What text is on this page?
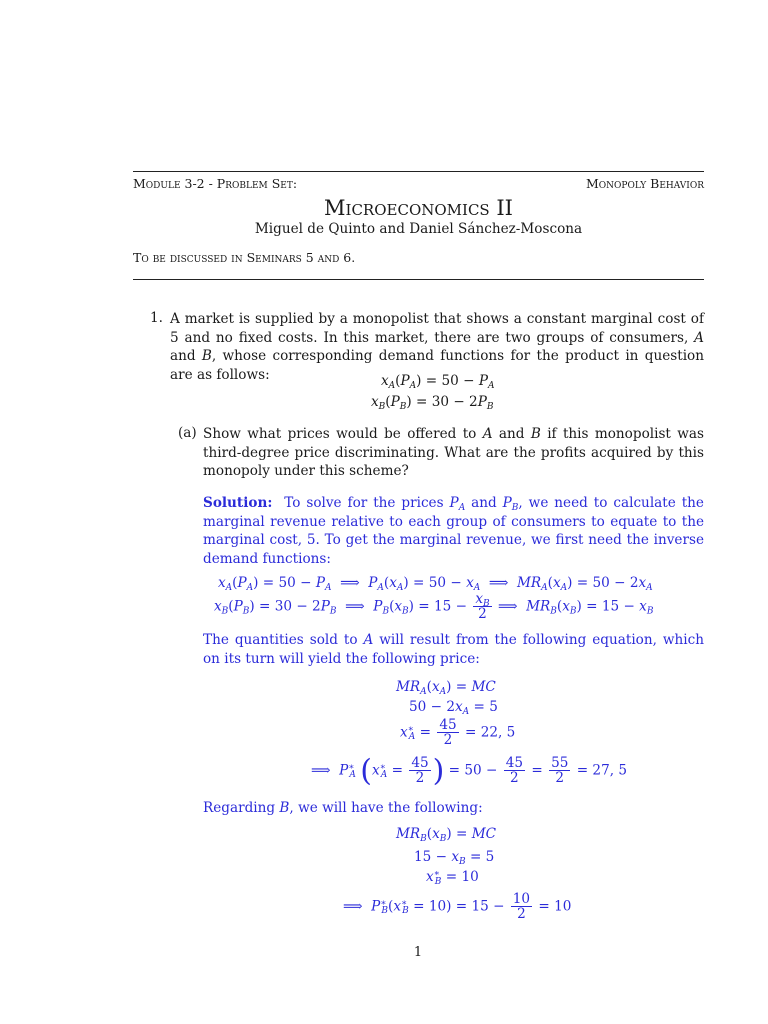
Module 3-2 - Problem Set:	Monopoly Behavior
Microeconomics II
Miguel de Quinto and Daniel Sánchez-Moscona
To be discussed in Seminars 5 and 6.
1. A market is supplied by a monopolist that shows a constant marginal cost of 5 and no fixed costs. In this market, there are two groups of consumers, A and B, whose corresponding demand functions for the product in question are as follows:	$x_A(P_A) = 50 - P_A$
$x_B(P_B) = 30 - 2P_B$
(a) Show what prices would be offered to A and B if this monopolist was third-degree price discriminating. What are the profits acquired by this monopoly under this scheme?
Solution:  To solve for the prices $P_A$ and $P_B$, we need to calculate the marginal revenue relative to each group of consumers to equate to the marginal cost, 5. To get the marginal revenue, we first need the inverse demand functions:
$x_A(P_A) = 50 - P_A$  ⟹  $P_A(x_A) = 50 - x_A$  ⟹  $MR_A(x_A) = 50 - 2x_A$
$x_B(P_B) = 30 - 2P_B$  ⟹  $P_B(x_B) = 15 - \frac{x_B}{2}$ ⟹  $MR_B(x_B) = 15 - x_B$
The quantities sold to A will result from the following equation, which on its turn will yield the following price:
$MR_A(x_A)$ = MC
$50 - 2x_A = 5$
$x^∗_A = \frac{45}{2} = 22$, 5
⟹  $P^∗_A$ ($x^∗_A = \frac{45}{2}$ ) = $50 - \frac{45}{2} = \frac{55}{2} = 27$, 5
Regarding B, we will have the following:
$MR_B(x_B)$ = MC
$15 - x_B = 5$
$x^∗_B = 10$
⟹  $P^∗_B(x^∗_B = 10) = 15 - \frac{10}{2} = 10$
1
